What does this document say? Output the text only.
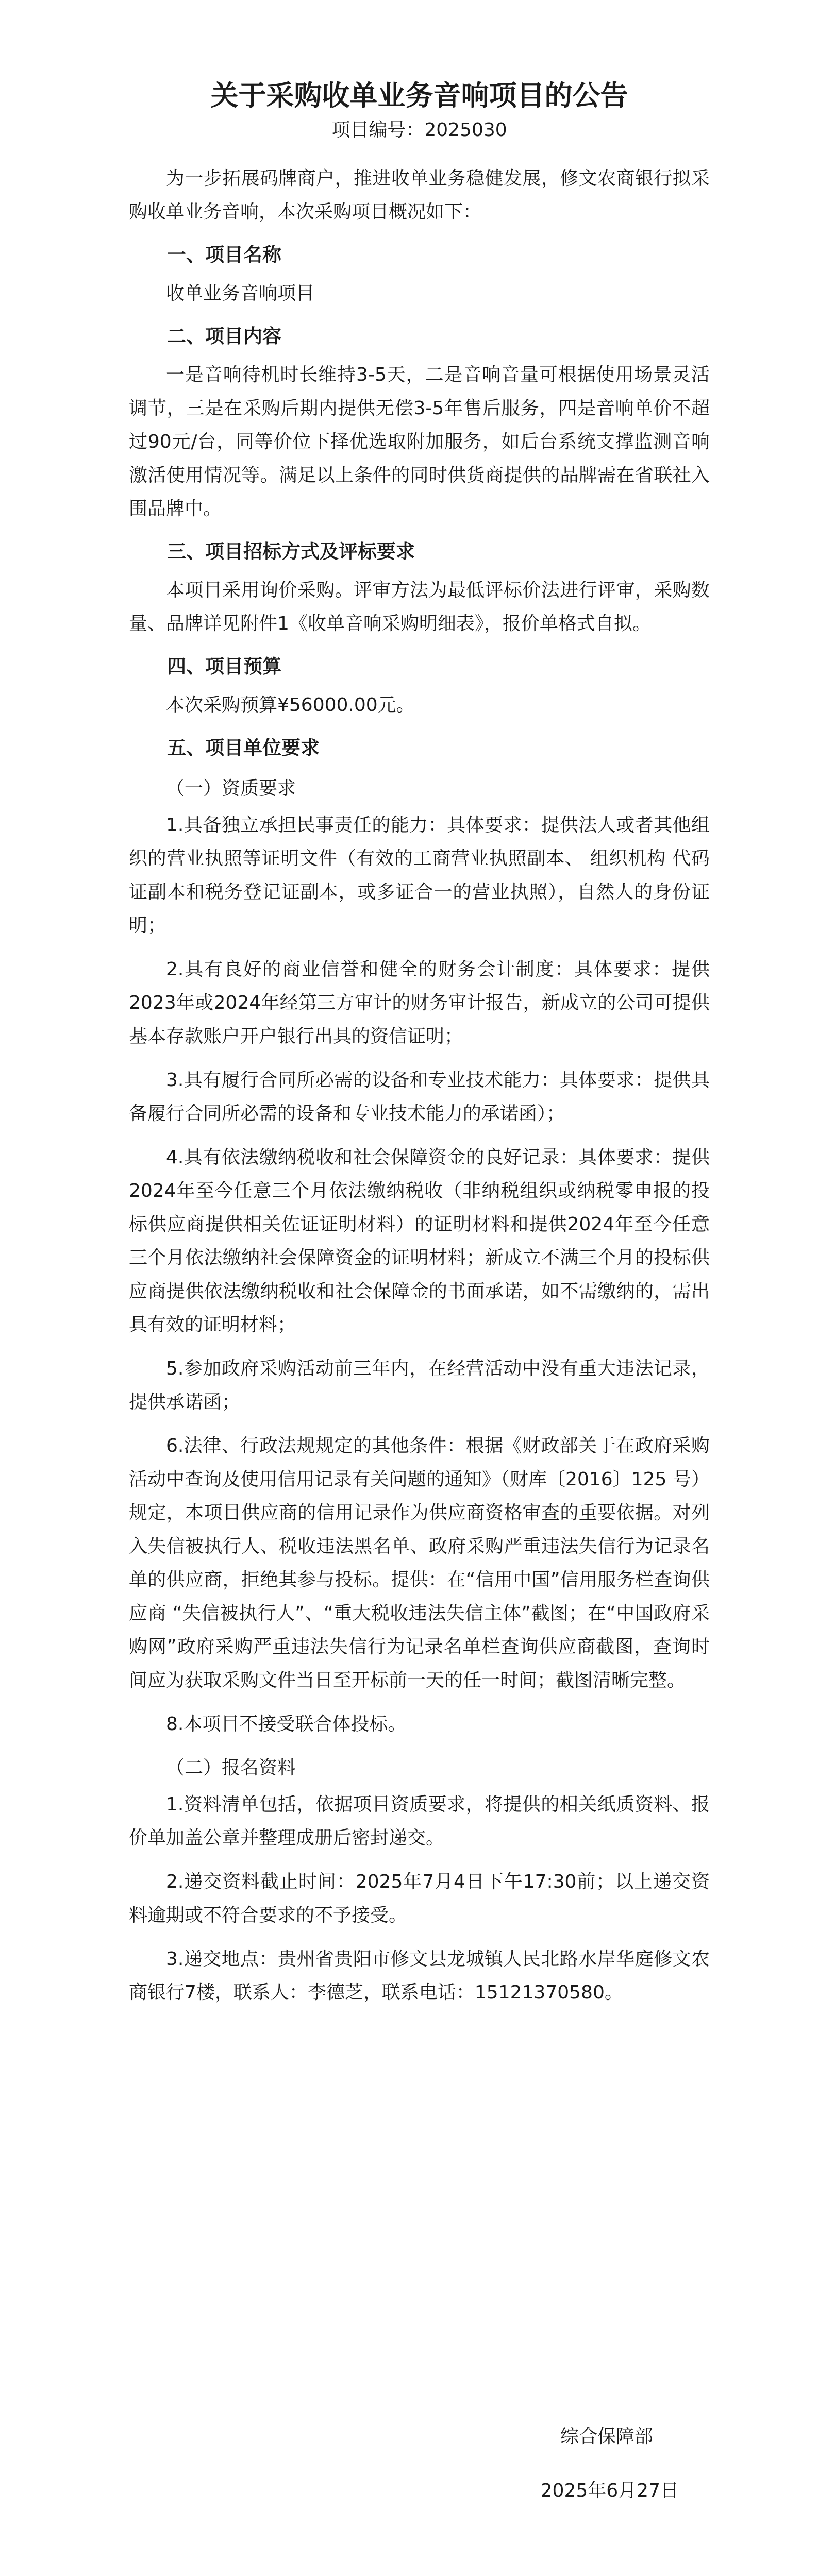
关于采购收单业务音响项目的公告
项目编号：2025030

为一步拓展码牌商户，推进收单业务稳健发展，修文农商银行拟采购收单业务音响，本次采购项目概况如下：

一、项目名称

收单业务音响项目

二、项目内容

一是音响待机时长维持3-5天，二是音响音量可根据使用场景灵活调节，三是在采购后期内提供无偿3-5年售后服务，四是音响单价不超过90元/台，同等价位下择优选取附加服务，如后台系统支撑监测音响激活使用情况等。满足以上条件的同时供货商提供的品牌需在省联社入围品牌中。

三、项目招标方式及评标要求

本项目采用询价采购。评审方法为最低评标价法进行评审，采购数量、品牌详见附件1《收单音响采购明细表》，报价单格式自拟。

四、项目预算

本次采购预算¥56000.00元。

五、项目单位要求
（一）资质要求

1.具备独立承担民事责任的能力：具体要求：提供法人或者其他组织的营业执照等证明文件（有效的工商营业执照副本、 组织机构 代码证副本和税务登记证副本，或多证合一的营业执照），自然人的身份证明；

2.具有良好的商业信誉和健全的财务会计制度：具体要求：提供2023年或2024年经第三方审计的财务审计报告，新成立的公司可提供基本存款账户开户银行出具的资信证明；

3.具有履行合同所必需的设备和专业技术能力：具体要求：提供具备履行合同所必需的设备和专业技术能力的承诺函）；

4.具有依法缴纳税收和社会保障资金的良好记录：具体要求：提供2024年至今任意三个月依法缴纳税收（非纳税组织或纳税零申报的投标供应商提供相关佐证证明材料）的证明材料和提供2024年至今任意三个月依法缴纳社会保障资金的证明材料；新成立不满三个月的投标供应商提供依法缴纳税收和社会保障金的书面承诺，如不需缴纳的，需出具有效的证明材料；

5.参加政府采购活动前三年内，在经营活动中没有重大违法记录，提供承诺函；

6.法律、行政法规规定的其他条件：根据《财政部关于在政府采购活动中查询及使用信用记录有关问题的通知》（财库〔2016〕125 号）规定，本项目供应商的信用记录作为供应商资格审查的重要依据。对列入失信被执行人、税收违法黑名单、政府采购严重违法失信行为记录名单的供应商，拒绝其参与投标。提供：在“信用中国”信用服务栏查询供应商 “失信被执行人”、“重大税收违法失信主体”截图；在“中国政府采购网”政府采购严重违法失信行为记录名单栏查询供应商截图，查询时间应为获取采购文件当日至开标前一天的任一时间；截图清晰完整。

8.本项目不接受联合体投标。

（二）报名资料

1.资料清单包括，依据项目资质要求，将提供的相关纸质资料、报价单加盖公章并整理成册后密封递交。

2.递交资料截止时间：2025年7月4日下午17:30前；以上递交资料逾期或不符合要求的不予接受。

3.递交地点：贵州省贵阳市修文县龙城镇人民北路水岸华庭修文农商银行7楼，联系人：李德芝，联系电话：15121370580。

综合保障部
2025年6月27日
